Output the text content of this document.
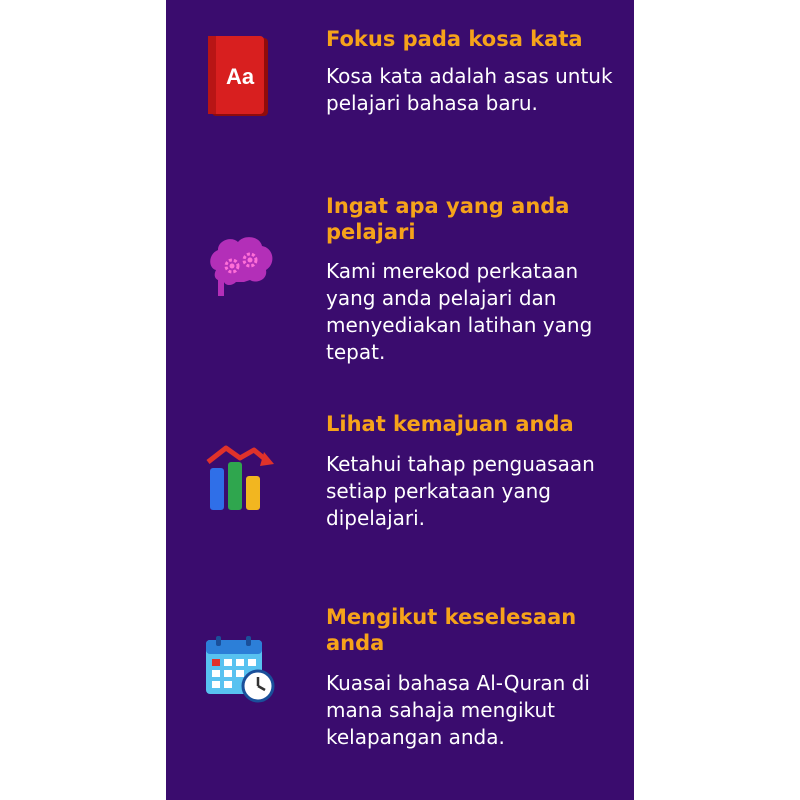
Aa
Fokus pada kosa kata
Kosa kata adalah asas untuk pelajari bahasa baru.
Ingat apa yang anda pelajari
Kami merekod perkataan yang anda pelajari dan menyediakan latihan yang tepat.
Lihat kemajuan anda
Ketahui tahap penguasaan setiap perkataan yang dipelajari.
Mengikut keselesaan anda
Kuasai bahasa Al-Quran di mana sahaja mengikut kelapangan anda.
